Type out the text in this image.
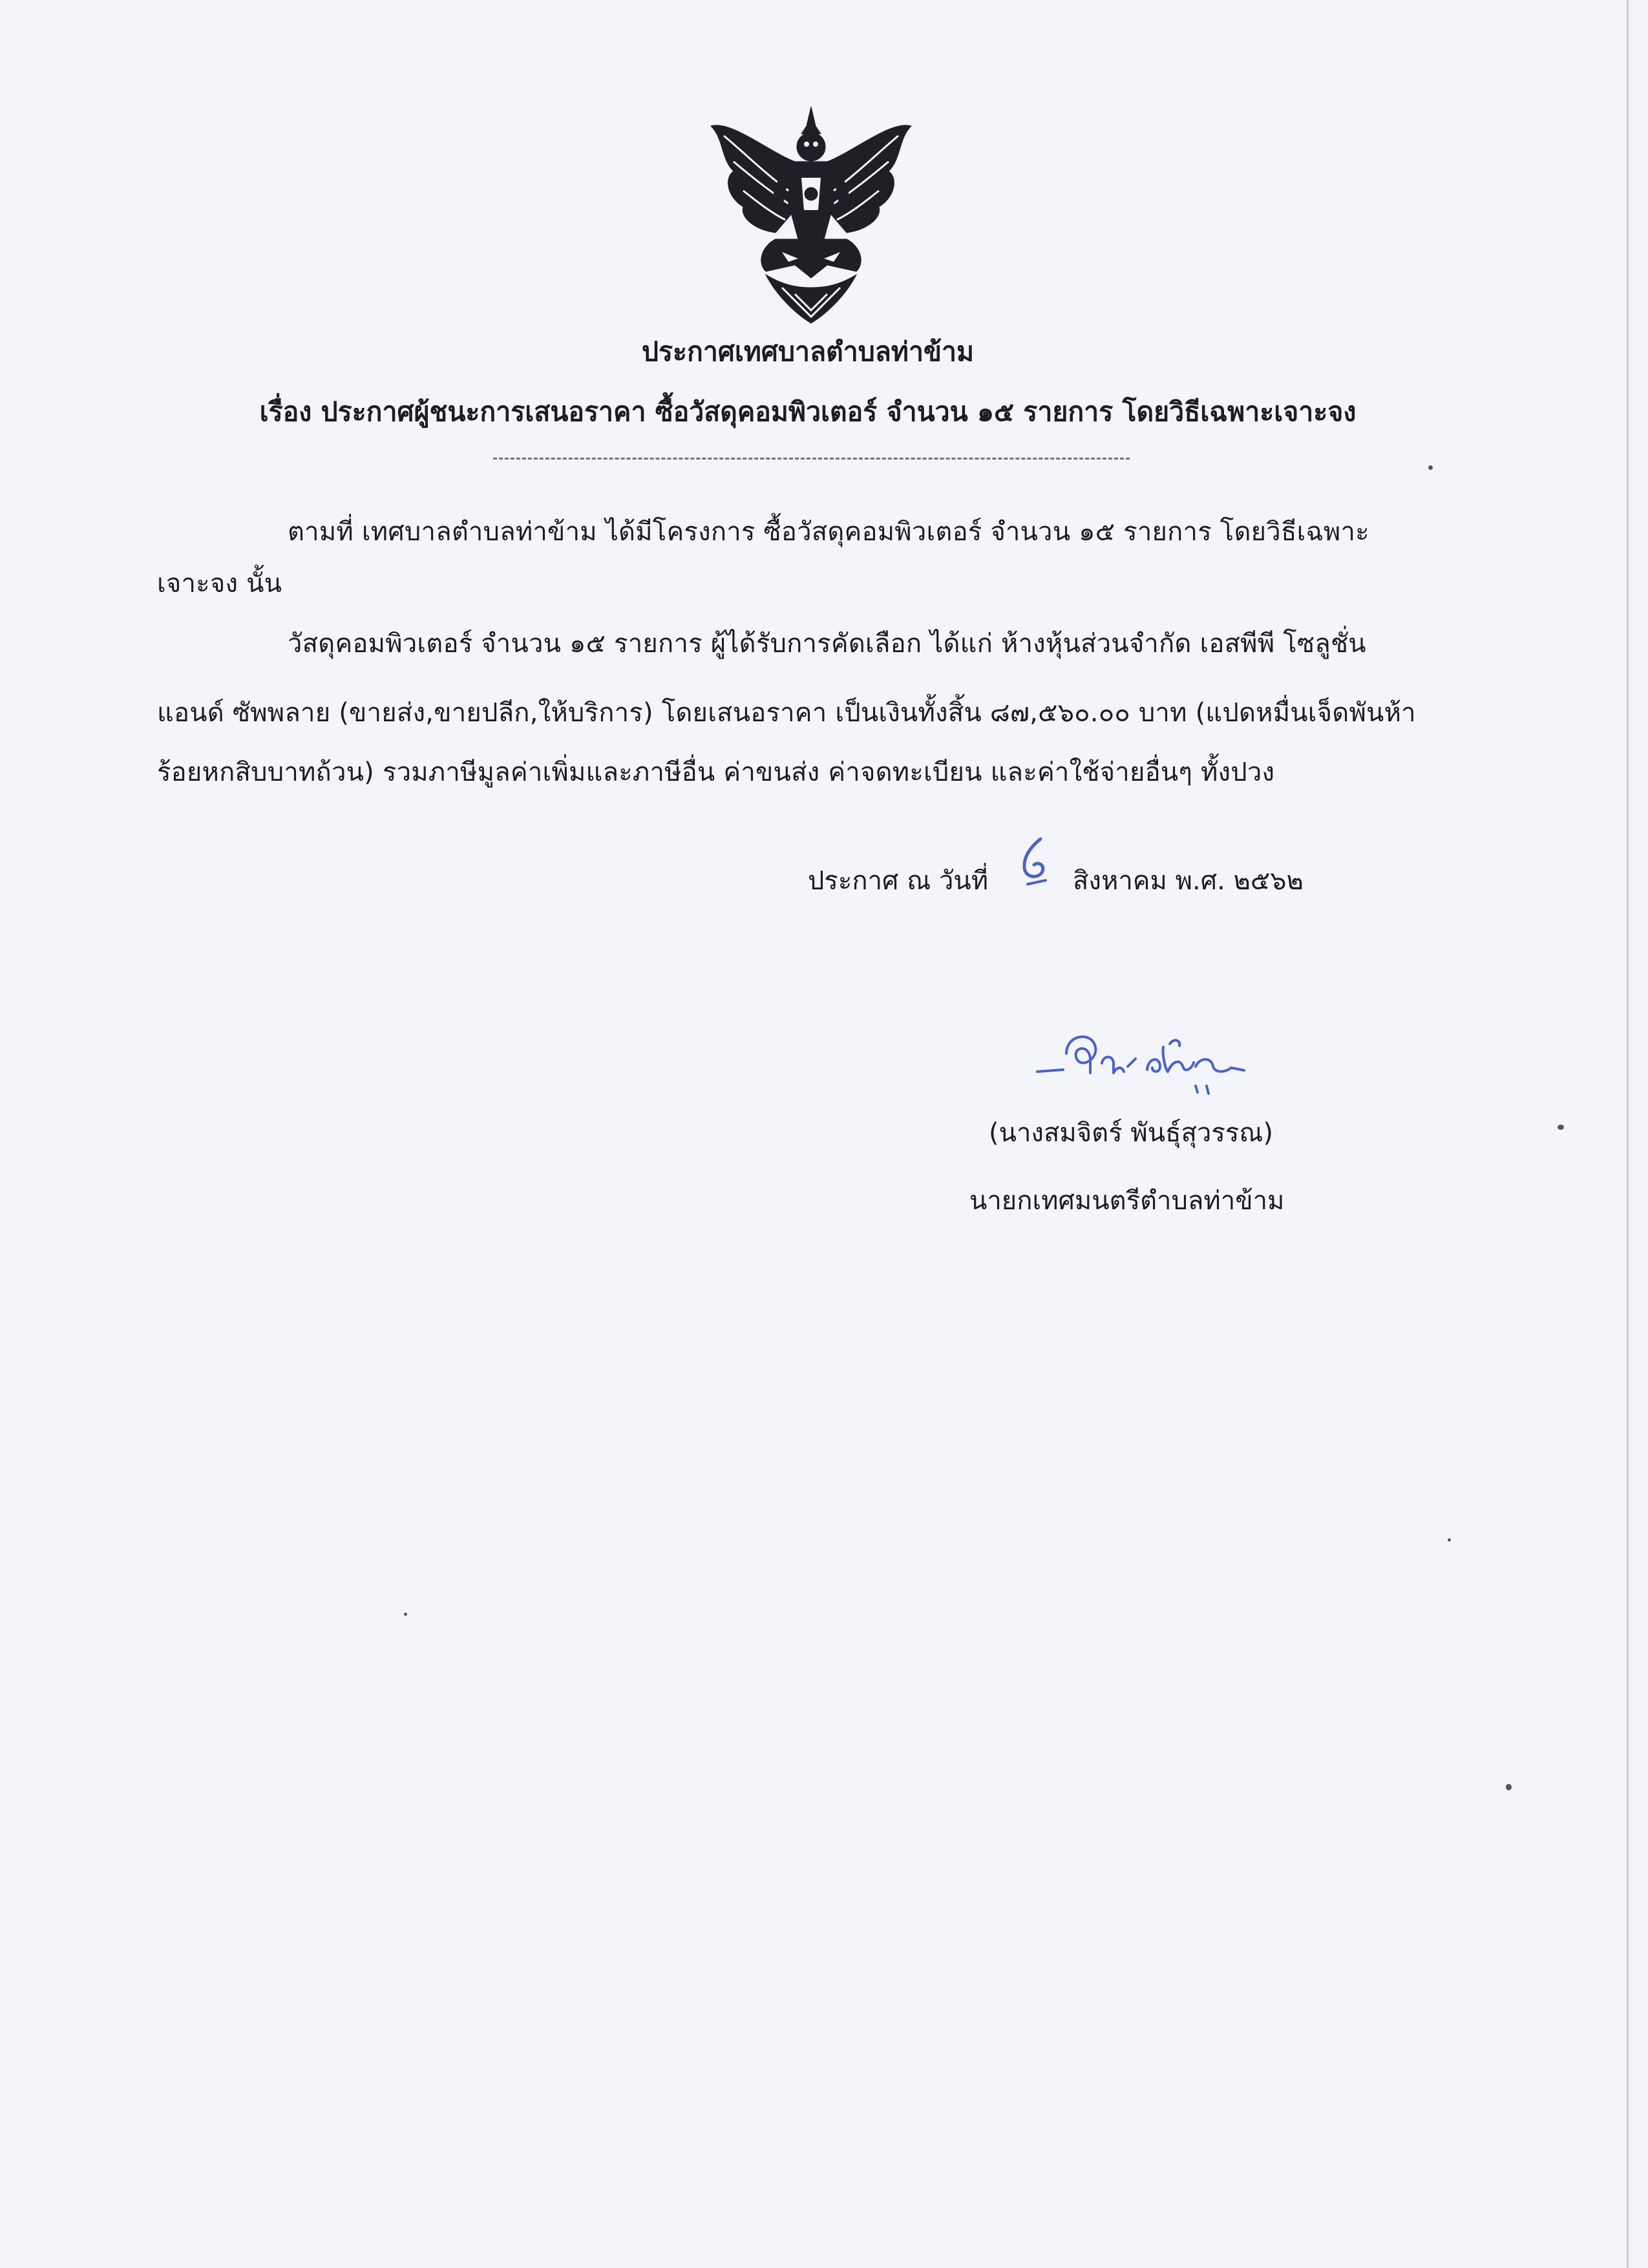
ประกาศเทศบาลตำบลท่าข้าม
เรื่อง ประกาศผู้ชนะการเสนอราคา ซื้อวัสดุคอมพิวเตอร์ จำนวน ๑๕ รายการ โดยวิธีเฉพาะเจาะจง
ตามที่ เทศบาลตำบลท่าข้าม ได้มีโครงการ ซื้อวัสดุคอมพิวเตอร์ จำนวน ๑๕ รายการ โดยวิธีเฉพาะ
เจาะจง นั้น
วัสดุคอมพิวเตอร์ จำนวน ๑๕ รายการ ผู้ได้รับการคัดเลือก ได้แก่ ห้างหุ้นส่วนจำกัด เอสพีพี โซลูชั่น
แอนด์ ซัพพลาย (ขายส่ง,ขายปลีก,ให้บริการ) โดยเสนอราคา เป็นเงินทั้งสิ้น ๘๗,๕๖๐.๐๐ บาท (แปดหมื่นเจ็ดพันห้า
ร้อยหกสิบบาทถ้วน) รวมภาษีมูลค่าเพิ่มและภาษีอื่น ค่าขนส่ง ค่าจดทะเบียน และค่าใช้จ่ายอื่นๆ ทั้งปวง
ประกาศ ณ วันที่	สิงหาคม พ.ศ. ๒๕๖๒
(นางสมจิตร์ พันธุ์สุวรรณ)
นายกเทศมนตรีตำบลท่าข้าม
